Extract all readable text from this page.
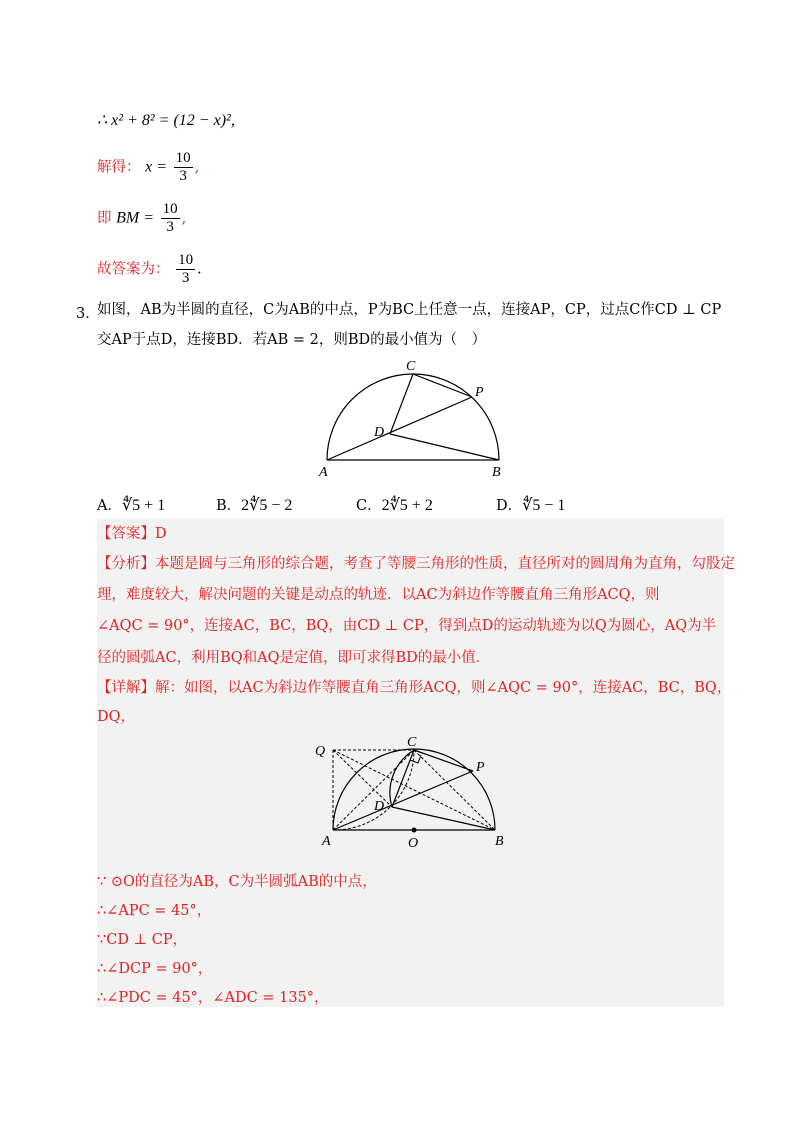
∴ x² + 8² = (12 − x)²,
解得： $x = \frac{10}{3}$ ,
即 BM = $\frac{10}{3}$ ,
故答案为： $\frac{10}{3}$ .
3．
如图，AB为半圆的直径，C为AB的中点，P为BC上任意一点，连接AP，CP，过点C作CD ⊥ CP
交AP于点D，连接BD．若AB = 2，则BD的最小值为（　）
C
P
D
A	B
A．∜5 + 1	B．2∜5 − 2	C．2∜5 + 2	D．∜5 − 1
【答案】D
【分析】本题是圆与三角形的综合题，考查了等腰三角形的性质，直径所对的圆周角为直角，勾股定
理，难度较大，解决问题的关键是动点的轨迹．以AC为斜边作等腰直角三角形ACQ，则
∠AQC = 90°，连接AC，BC，BQ，由CD ⊥ CP，得到点D的运动轨迹为以Q为圆心，AQ为半
径的圆弧AC，利用BQ和AQ是定值，即可求得BD的最小值．
【详解】解：如图，以AC为斜边作等腰直角三角形ACQ，则∠AQC = 90°，连接AC，BC，BQ，
DQ，
Q
C
P
D
A	O	B
∵ ⊙O的直径为AB，C为半圆弧AB的中点，
∴∠APC = 45°，
∵CD ⊥ CP，
∴∠DCP = 90°，
∴∠PDC = 45°，∠ADC = 135°，
